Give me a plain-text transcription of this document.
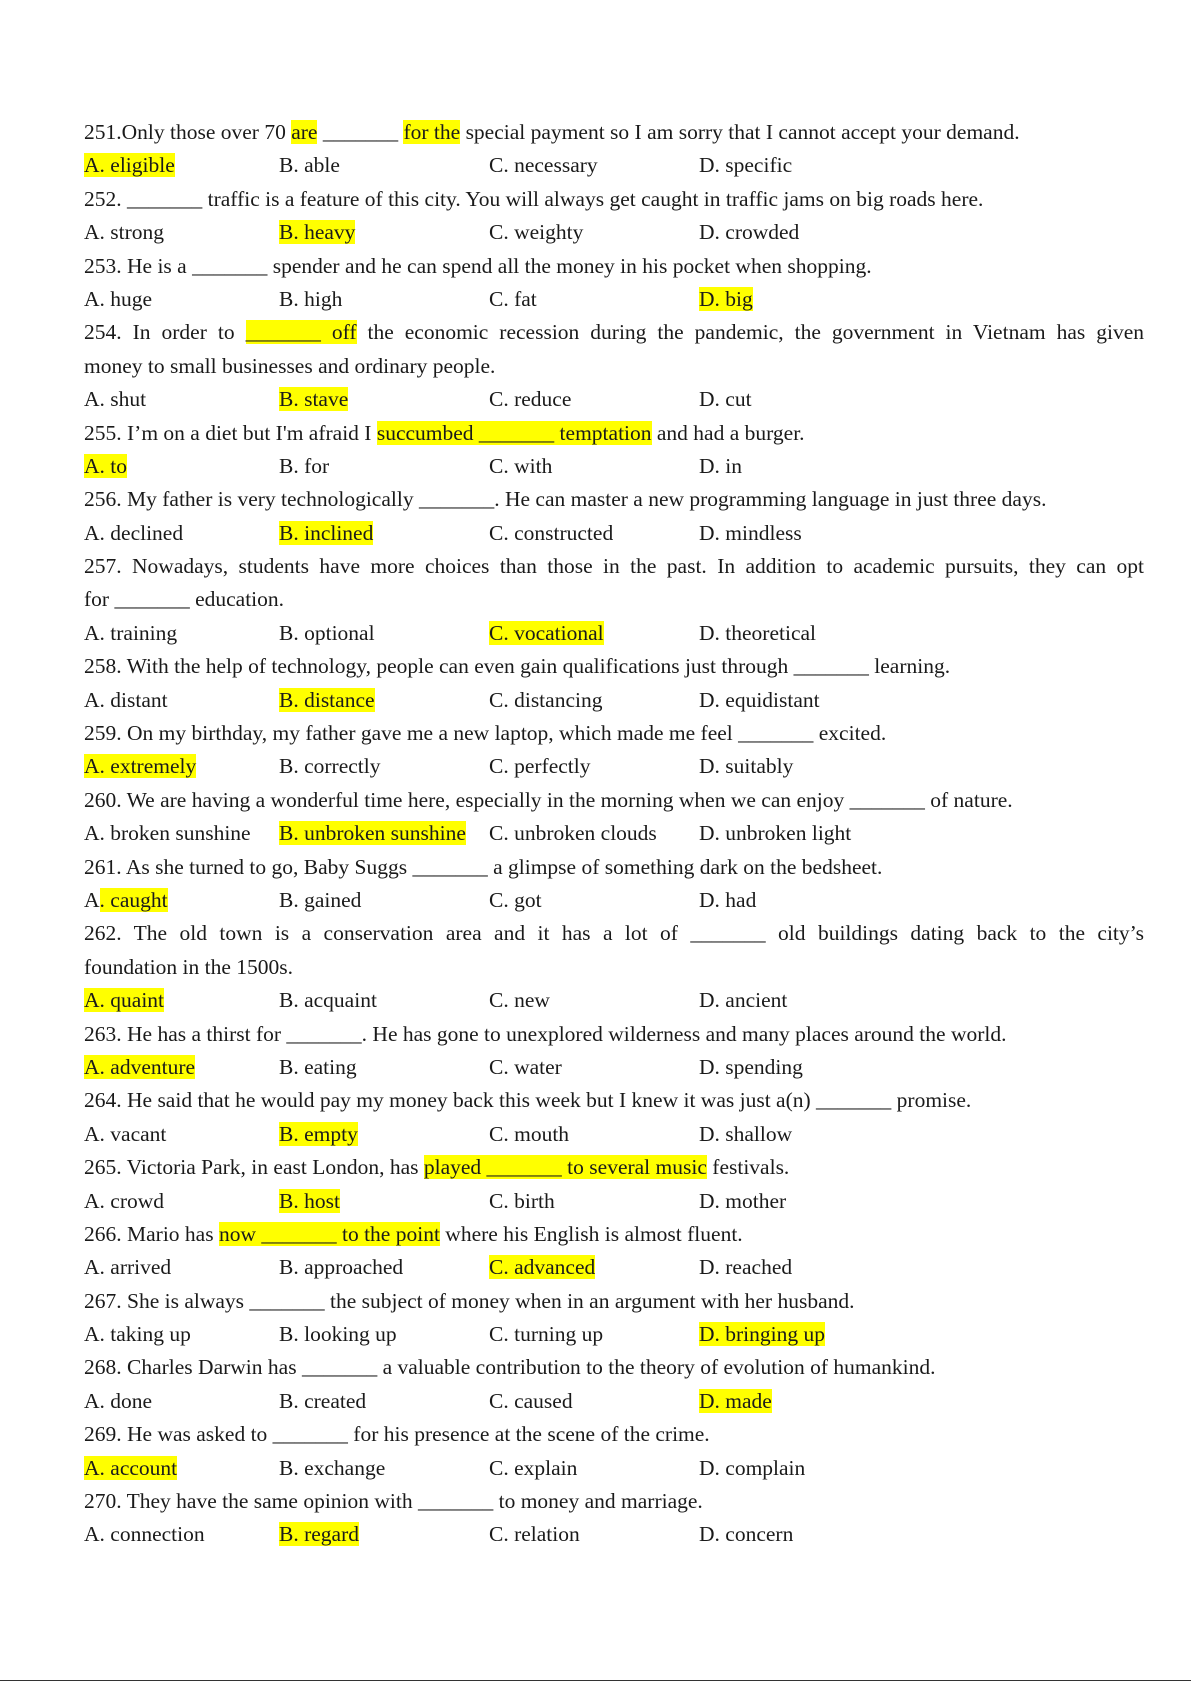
251.Only those over 70 are _______ for the special payment so I am sorry that I cannot accept your demand.
A. eligible	B. able	C. necessary	D. specific
252. _______ traffic is a feature of this city. You will always get caught in traffic jams on big roads here.
A. strong	B. heavy	C. weighty	D. crowded
253. He is a _______ spender and he can spend all the money in his pocket when shopping.
A. huge	B. high	C. fat	D. big
254. In order to _______ off the economic recession during the pandemic, the government in Vietnam has given
money to small businesses and ordinary people.
A. shut	B. stave	C. reduce	D. cut
255. I’m on a diet but I'm afraid I succumbed _______ temptation and had a burger.
A. to	B. for	C. with	D. in
256. My father is very technologically _______. He can master a new programming language in just three days.
A. declined	B. inclined	C. constructed	D. mindless
257. Nowadays, students have more choices than those in the past. In addition to academic pursuits, they can opt
for _______ education.
A. training	B. optional	C. vocational	D. theoretical
258. With the help of technology, people can even gain qualifications just through _______ learning.
A. distant	B. distance	C. distancing	D. equidistant
259. On my birthday, my father gave me a new laptop, which made me feel _______ excited.
A. extremely	B. correctly	C. perfectly	D. suitably
260. We are having a wonderful time here, especially in the morning when we can enjoy _______ of nature.
A. broken sunshine B. unbroken sunshine C. unbroken clouds D. unbroken light
261. As she turned to go, Baby Suggs _______ a glimpse of something dark on the bedsheet.
A. caught	B. gained	C. got	D. had
262. The old town is a conservation area and it has a lot of _______ old buildings dating back to the city’s
foundation in the 1500s.
A. quaint	B. acquaint	C. new	D. ancient
263. He has a thirst for _______. He has gone to unexplored wilderness and many places around the world.
A. adventure	B. eating	C. water	D. spending
264. He said that he would pay my money back this week but I knew it was just a(n) _______ promise.
A. vacant	B. empty	C. mouth	D. shallow
265. Victoria Park, in east London, has played _______ to several music festivals.
A. crowd	B. host	C. birth	D. mother
266. Mario has now _______ to the point where his English is almost fluent.
A. arrived	B. approached	C. advanced	D. reached
267. She is always _______ the subject of money when in an argument with her husband.
A. taking up	B. looking up	C. turning up	D. bringing up
268. Charles Darwin has _______ a valuable contribution to the theory of evolution of humankind.
A. done	B. created	C. caused	D. made
269. He was asked to _______ for his presence at the scene of the crime.
A. account	B. exchange	C. explain	D. complain
270. They have the same opinion with _______ to money and marriage.
A. connection	B. regard	C. relation	D. concern
